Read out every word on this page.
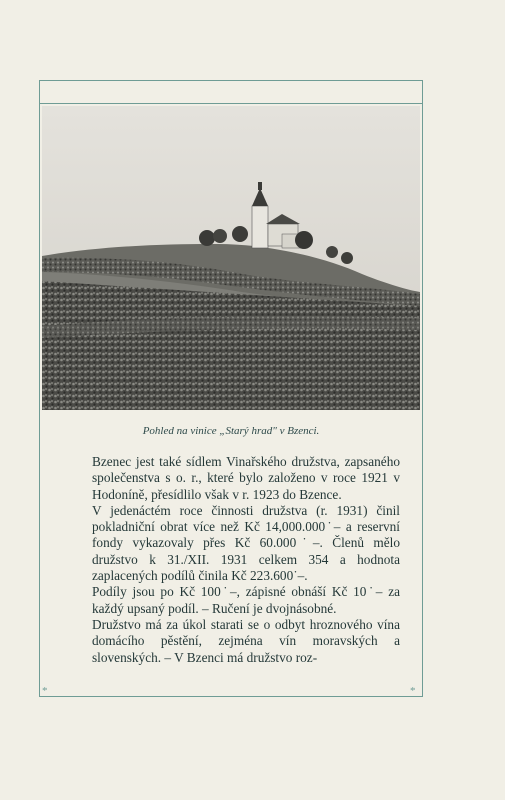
Pohled na vinice „Starý hrad" v Bzenci.

Bzenec jest také sídlem Vinařského družstva, zapsaného společenstva s o. r., které bylo založeno v roce 1921 v Hodoníně, přesídlilo však v r. 1923 do Bzence.

V jedenáctém roce činnosti družstva (r. 1931) činil pokladniční obrat více než Kč 14,000.000˙– a reservní fondy vykazovaly přes Kč 60.000˙–. Členů mělo družstvo k 31./XII. 1931 celkem 354 a hodnota zaplacených podílů činila Kč 223.600˙–.

Podíly jsou po Kč 100˙–, zápisné obnáší Kč 10˙– za každý upsaný podíl. – Ručení je dvojnásobné.

Družstvo má za úkol starati se o odbyt hroznového vína domácího pěstění, zejména vín moravských a slovenských. – V Bzenci má družstvo roz-

*	*
